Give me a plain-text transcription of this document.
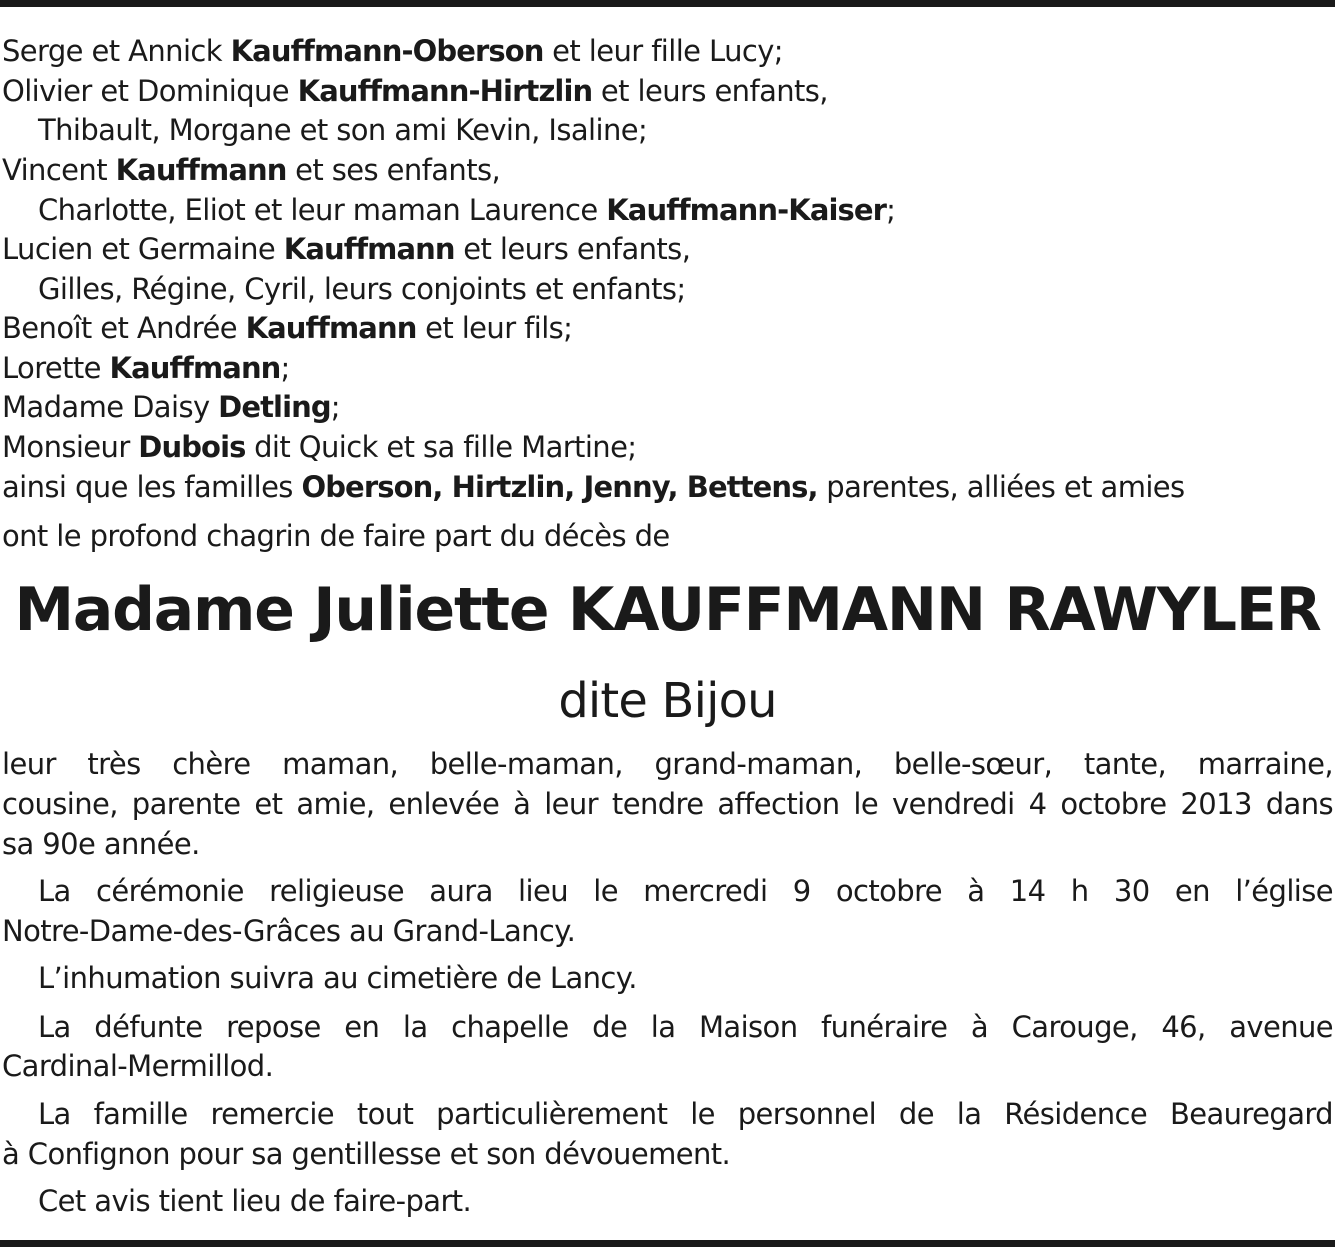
Serge et Annick Kauffmann-Oberson et leur fille Lucy;
Olivier et Dominique Kauffmann-Hirtzlin et leurs enfants,
Thibault, Morgane et son ami Kevin, Isaline;
Vincent Kauffmann et ses enfants,
Charlotte, Eliot et leur maman Laurence Kauffmann-Kaiser;
Lucien et Germaine Kauffmann et leurs enfants,
Gilles, Régine, Cyril, leurs conjoints et enfants;
Benoît et Andrée Kauffmann et leur fils;
Lorette Kauffmann;
Madame Daisy Detling;
Monsieur Dubois dit Quick et sa fille Martine;
ainsi que les familles Oberson, Hirtzlin, Jenny, Bettens, parentes, alliées et amies
ont le profond chagrin de faire part du décès de
Madame Juliette KAUFFMANN RAWYLER
dite Bijou
leur très chère maman, belle-maman, grand-maman, belle-sœur, tante, marraine,
cousine, parente et amie, enlevée à leur tendre affection le vendredi 4 octobre 2013 dans
sa 90e année.
La cérémonie religieuse aura lieu le mercredi 9 octobre à 14 h 30 en l’église
Notre-Dame-des-Grâces au Grand-Lancy.
L’inhumation suivra au cimetière de Lancy.
La défunte repose en la chapelle de la Maison funéraire à Carouge, 46, avenue
Cardinal-Mermillod.
La famille remercie tout particulièrement le personnel de la Résidence Beauregard
à Confignon pour sa gentillesse et son dévouement.
Cet avis tient lieu de faire-part.
